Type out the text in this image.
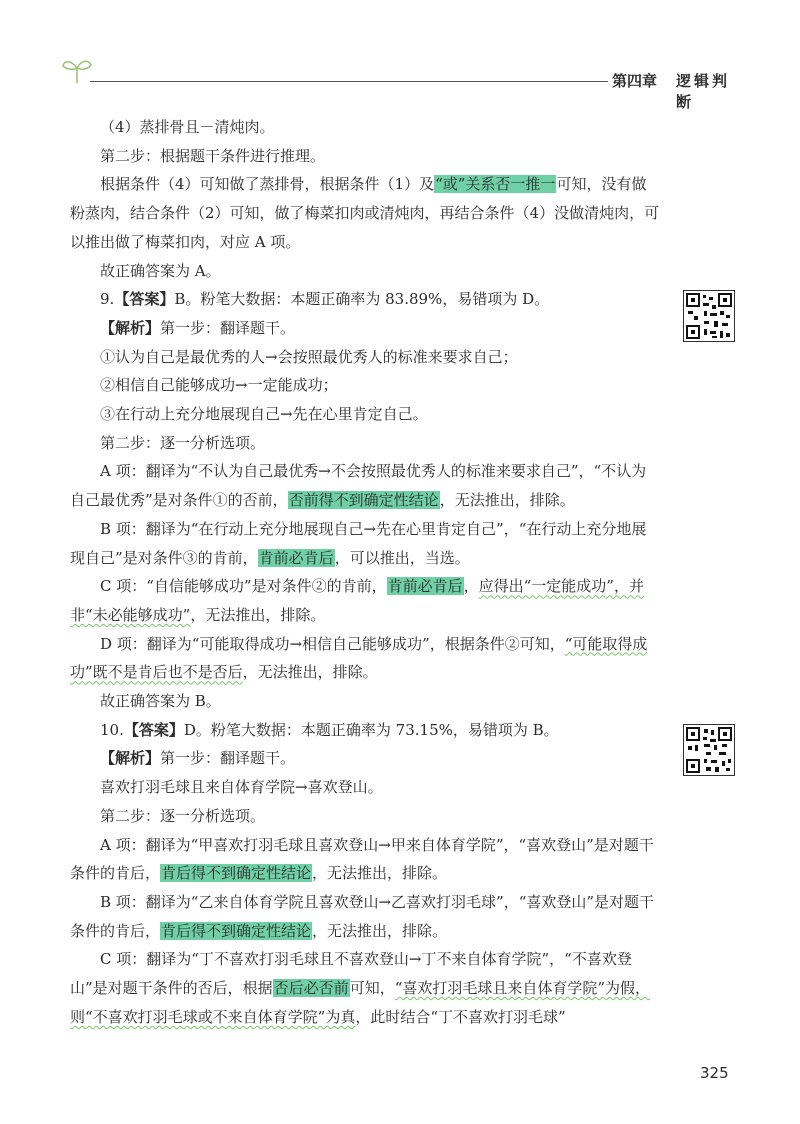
第四章 逻辑判断

（4）蒸排骨且－清炖肉。

第二步：根据题干条件进行推理。

根据条件（4）可知做了蒸排骨，根据条件（1）及“或”关系否一推一可知，没有做粉蒸肉，结合条件（2）可知，做了梅菜扣肉或清炖肉，再结合条件（4）没做清炖肉，可以推出做了梅菜扣肉，对应 A 项。

故正确答案为 A。

9.【答案】B。粉笔大数据：本题正确率为 83.89%，易错项为 D。

【解析】第一步：翻译题干。

①认为自己是最优秀的人→会按照最优秀人的标准来要求自己；

②相信自己能够成功→一定能成功；

③在行动上充分地展现自己→先在心里肯定自己。

第二步：逐一分析选项。

A 项：翻译为“不认为自己最优秀→不会按照最优秀人的标准来要求自己”，“不认为自己最优秀”是对条件①的否前，否前得不到确定性结论，无法推出，排除。

B 项：翻译为“在行动上充分地展现自己→先在心里肯定自己”，“在行动上充分地展现自己”是对条件③的肯前，肯前必肯后，可以推出，当选。

C 项：“自信能够成功”是对条件②的肯前，肯前必肯后，应得出“一定能成功”，并非“未必能够成功”，无法推出，排除。

D 项：翻译为“可能取得成功→相信自己能够成功”，根据条件②可知，“可能取得成功”既不是肯后也不是否后，无法推出，排除。

故正确答案为 B。

10.【答案】D。粉笔大数据：本题正确率为 73.15%，易错项为 B。

【解析】第一步：翻译题干。

喜欢打羽毛球且来自体育学院→喜欢登山。

第二步：逐一分析选项。

A 项：翻译为“甲喜欢打羽毛球且喜欢登山→甲来自体育学院”，“喜欢登山”是对题干条件的肯后，肯后得不到确定性结论，无法推出，排除。

B 项：翻译为“乙来自体育学院且喜欢登山→乙喜欢打羽毛球”，“喜欢登山”是对题干条件的肯后，肯后得不到确定性结论，无法推出，排除。

C 项：翻译为“丁不喜欢打羽毛球且不喜欢登山→丁不来自体育学院”，“不喜欢登山”是对题干条件的否后，根据否后必否前可知，“喜欢打羽毛球且来自体育学院”为假，则“不喜欢打羽毛球或不来自体育学院”为真，此时结合“丁不喜欢打羽毛球”

325
